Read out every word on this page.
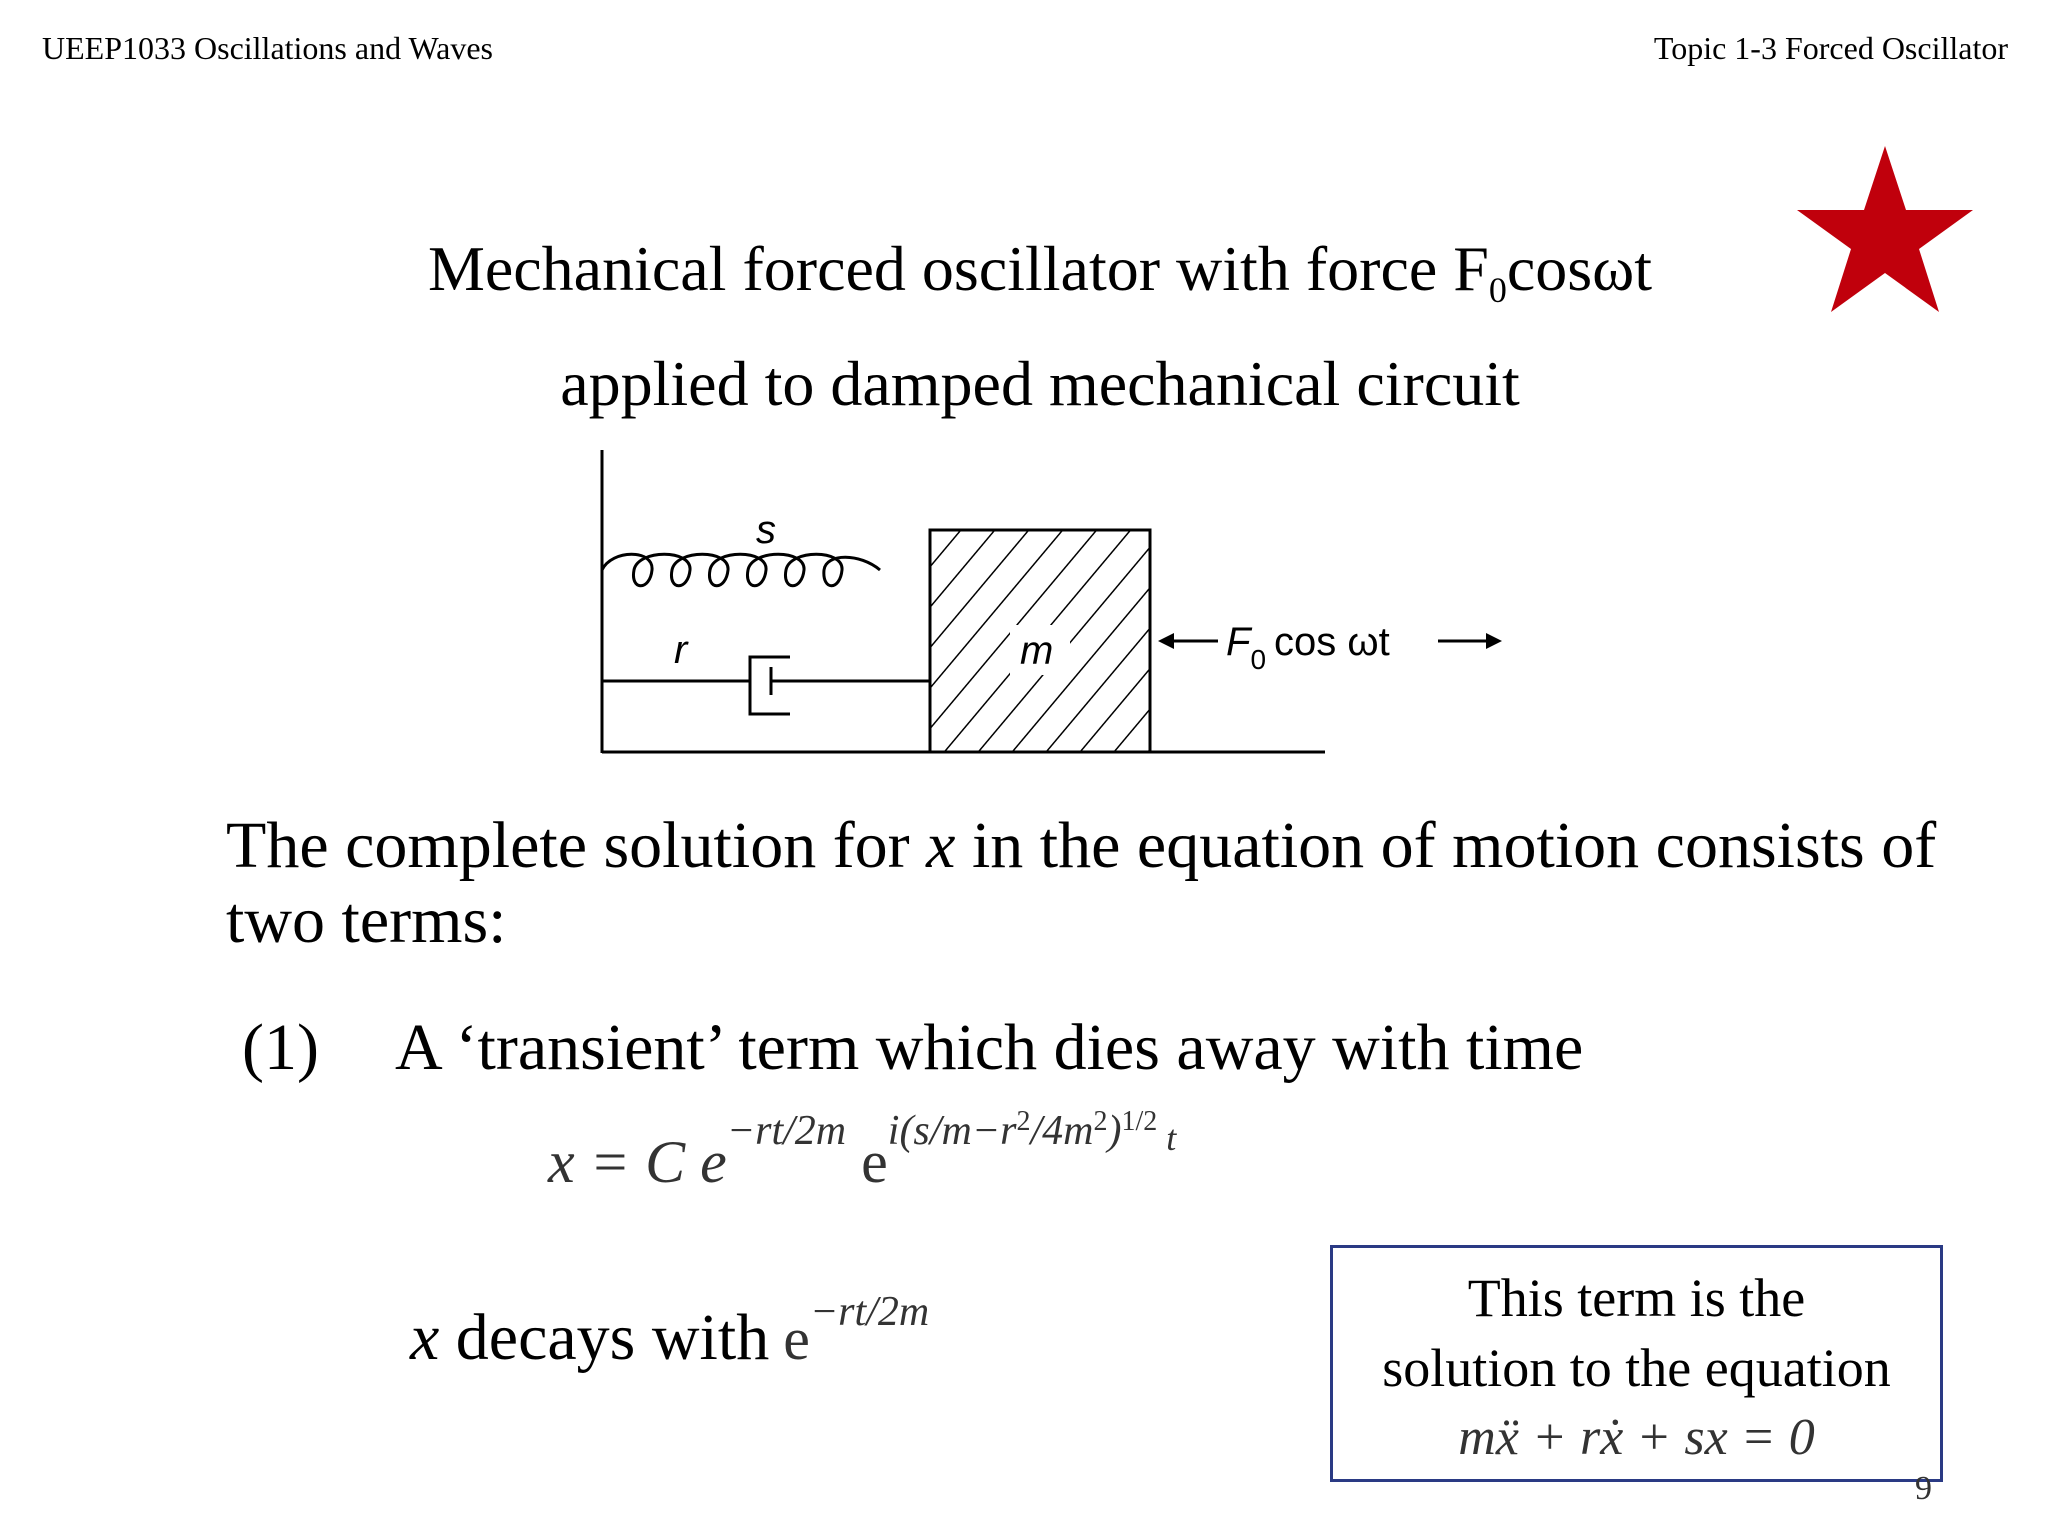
UEEP1033 Oscillations and Waves	Topic 1-3 Forced Oscillator
Mechanical forced oscillator with force $F_0\cos\omega t$
applied to damped mechanical circuit
s
r	m	$F_0$ cos ωt
The complete solution for x in the equation of motion consists of two terms:
(1) A ‘transient’ term which dies away with time
x = C $e^{-rt/2m}$ $e^{i(s/m-r^2/4m^2)^{1/2}}$ $^t$
x decays with $e^{-rt/2m}$	This term is the
solution to the equation
mẍ + rẋ + sx = 0
9
